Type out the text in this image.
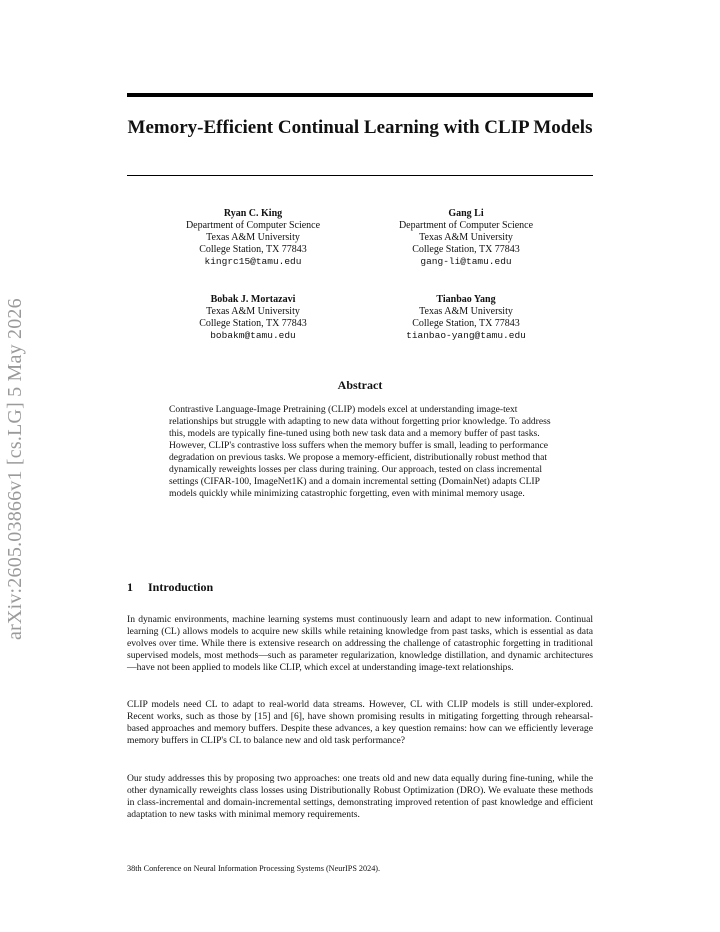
arXiv:2605.03866v1 [cs.LG] 5 May 2026
Memory-Efficient Continual Learning with CLIP Models
Ryan C. King
Department of Computer Science
Texas A&M University
College Station, TX 77843
kingrc15@tamu.edu
Gang Li
Department of Computer Science
Texas A&M University
College Station, TX 77843
gang-li@tamu.edu
Bobak J. Mortazavi
Texas A&M University
College Station, TX 77843
bobakm@tamu.edu
Tianbao Yang
Texas A&M University
College Station, TX 77843
tianbao-yang@tamu.edu
Abstract
Contrastive Language-Image Pretraining (CLIP) models excel at understanding image-text relationships but struggle with adapting to new data without forgetting prior knowledge. To address this, models are typically fine-tuned using both new task data and a memory buffer of past tasks. However, CLIP's contrastive loss suffers when the memory buffer is small, leading to performance degradation on previous tasks. We propose a memory-efficient, distributionally robust method that dynamically reweights losses per class during training. Our approach, tested on class incremental settings (CIFAR-100, ImageNet1K) and a domain incremental setting (DomainNet) adapts CLIP models quickly while minimizing catastrophic forgetting, even with minimal memory usage.
1 Introduction
In dynamic environments, machine learning systems must continuously learn and adapt to new information. Continual learning (CL) allows models to acquire new skills while retaining knowledge from past tasks, which is essential as data evolves over time. While there is extensive research on addressing the challenge of catastrophic forgetting in traditional supervised models, most methods—such as parameter regularization, knowledge distillation, and dynamic architectures—have not been applied to models like CLIP, which excel at understanding image-text relationships.
CLIP models need CL to adapt to real-world data streams. However, CL with CLIP models is still under-explored. Recent works, such as those by [15] and [6], have shown promising results in mitigating forgetting through rehearsal-based approaches and memory buffers. Despite these advances, a key question remains: how can we efficiently leverage memory buffers in CLIP's CL to balance new and old task performance?
Our study addresses this by proposing two approaches: one treats old and new data equally during fine-tuning, while the other dynamically reweights class losses using Distributionally Robust Optimization (DRO). We evaluate these methods in class-incremental and domain-incremental settings, demonstrating improved retention of past knowledge and efficient adaptation to new tasks with minimal memory requirements.
38th Conference on Neural Information Processing Systems (NeurIPS 2024).
